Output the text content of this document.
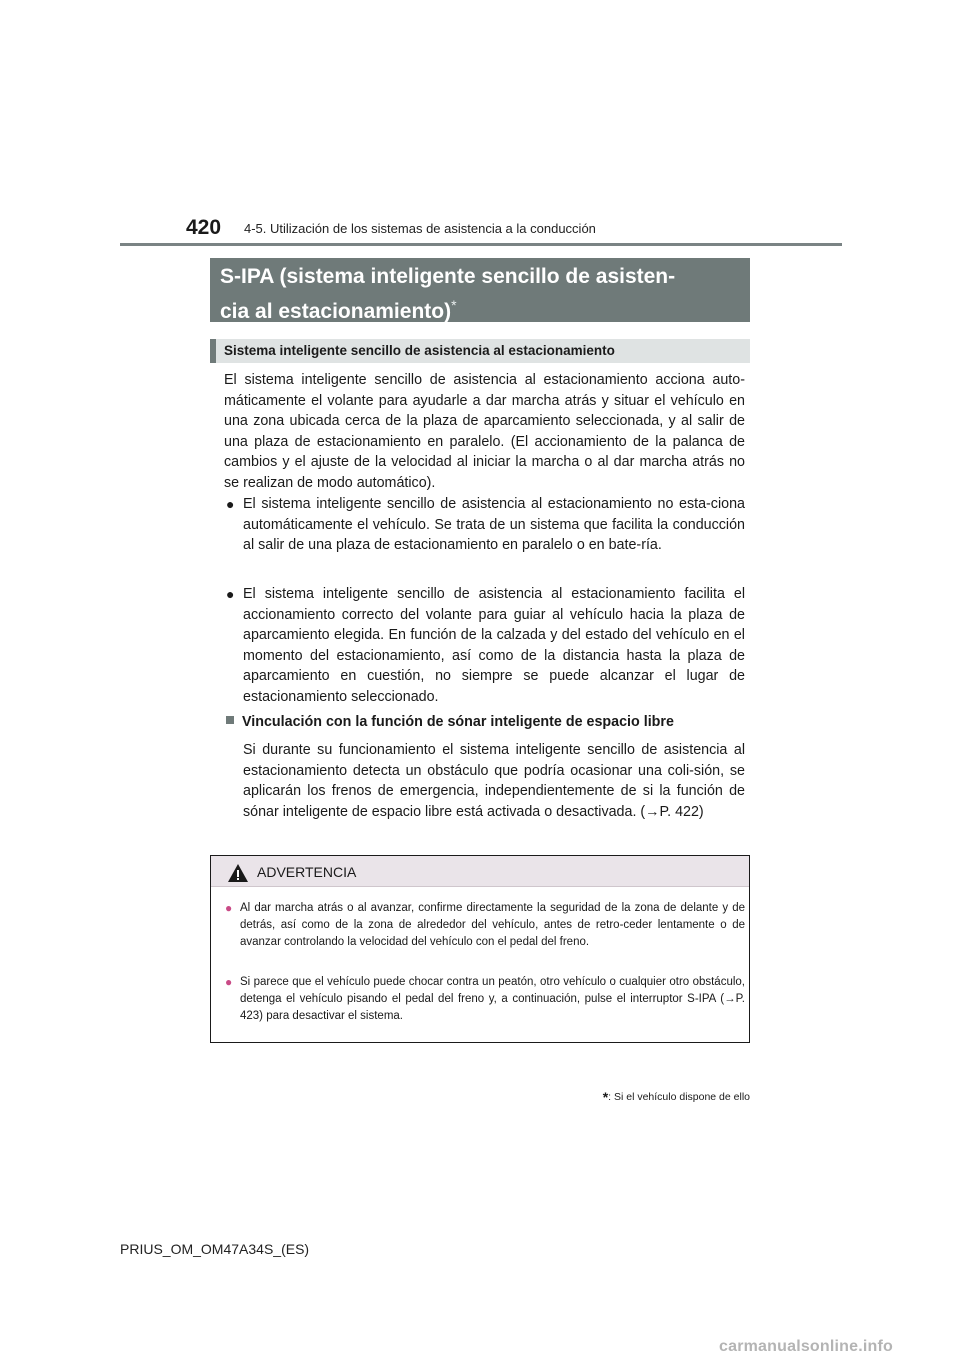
420 4-5. Utilización de los sistemas de asistencia a la conducción
S-IPA (sistema inteligente sencillo de asisten-
cia al estacionamiento)*
Sistema inteligente sencillo de asistencia al estacionamiento
El sistema inteligente sencillo de asistencia al estacionamiento acciona auto-máticamente el volante para ayudarle a dar marcha atrás y situar el vehículo en una zona ubicada cerca de la plaza de aparcamiento seleccionada, y al salir de una plaza de estacionamiento en paralelo. (El accionamiento de la palanca de cambios y el ajuste de la velocidad al iniciar la marcha o al dar marcha atrás no se realizan de modo automático).
● El sistema inteligente sencillo de asistencia al estacionamiento no esta-ciona automáticamente el vehículo. Se trata de un sistema que facilita la conducción al salir de una plaza de estacionamiento en paralelo o en bate-ría.
● El sistema inteligente sencillo de asistencia al estacionamiento facilita el accionamiento correcto del volante para guiar al vehículo hacia la plaza de aparcamiento elegida. En función de la calzada y del estado del vehículo en el momento del estacionamiento, así como de la distancia hasta la plaza de aparcamiento en cuestión, no siempre se puede alcanzar el lugar de estacionamiento seleccionado.
Vinculación con la función de sónar inteligente de espacio libre
Si durante su funcionamiento el sistema inteligente sencillo de asistencia al estacionamiento detecta un obstáculo que podría ocasionar una coli-sión, se aplicarán los frenos de emergencia, independientemente de si la función de sónar inteligente de espacio libre está activada o desactivada. (→P. 422)
ADVERTENCIA
● Al dar marcha atrás o al avanzar, confirme directamente la seguridad de la zona de delante y de detrás, así como de la zona de alrededor del vehículo, antes de retro-ceder lentamente o de avanzar controlando la velocidad del vehículo con el pedal del freno.
● Si parece que el vehículo puede chocar contra un peatón, otro vehículo o cualquier otro obstáculo, detenga el vehículo pisando el pedal del freno y, a continuación, pulse el interruptor S-IPA (→P. 423) para desactivar el sistema.
*: Si el vehículo dispone de ello
PRIUS_OM_OM47A34S_(ES)
carmanualsonline.info
